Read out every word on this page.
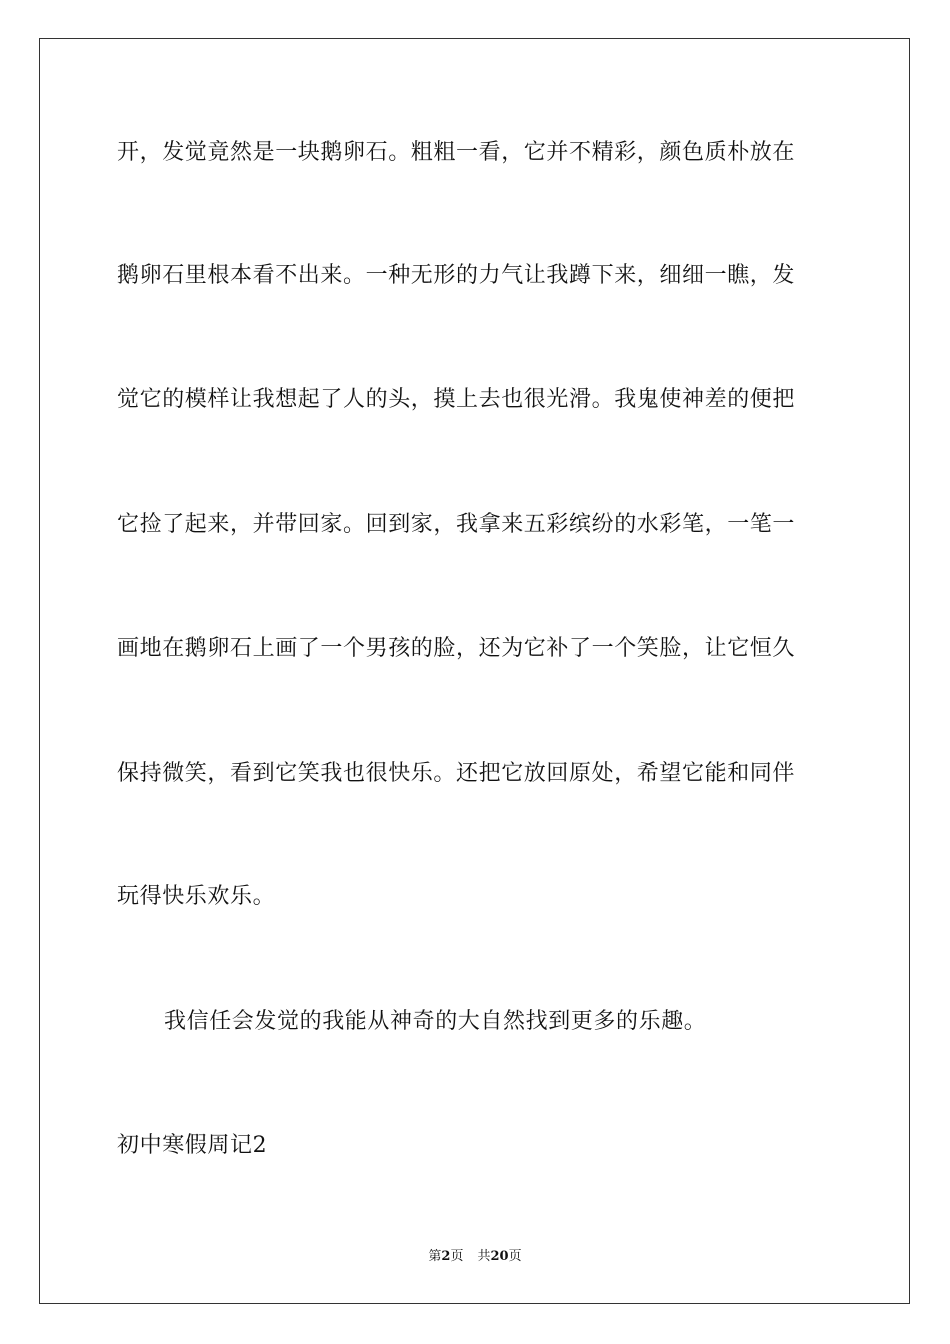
开，发觉竟然是一块鹅卵石。粗粗一看，它并不精彩，颜色质朴放在
鹅卵石里根本看不出来。一种无形的力气让我蹲下来，细细一瞧，发
觉它的模样让我想起了人的头，摸上去也很光滑。我鬼使神差的便把
它捡了起来，并带回家。回到家，我拿来五彩缤纷的水彩笔，一笔一
画地在鹅卵石上画了一个男孩的脸，还为它补了一个笑脸，让它恒久
保持微笑，看到它笑我也很快乐。还把它放回原处，希望它能和同伴
玩得快乐欢乐。
我信任会发觉的我能从神奇的大自然找到更多的乐趣。
初中寒假周记2
第2页 共20页
